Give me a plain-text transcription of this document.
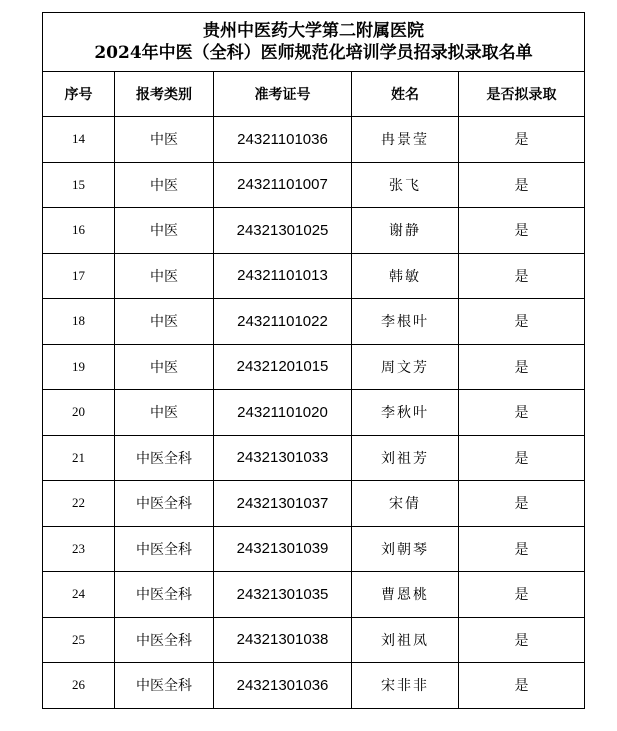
贵州中医药大学第二附属医院
2024年中医（全科）医师规范化培训学员招录拟录取名单				

序号	报考类别	准考证号	姓名	是否拟录取
14	中医	24321101036	冉景莹	是
15	中医	24321101007	张飞	是
16	中医	24321301025	谢静	是
17	中医	24321101013	韩敏	是
18	中医	24321101022	李根叶	是
19	中医	24321201015	周文芳	是
20	中医	24321101020	李秋叶	是
21	中医全科	24321301033	刘祖芳	是
22	中医全科	24321301037	宋倩	是
23	中医全科	24321301039	刘朝琴	是
24	中医全科	24321301035	曹恩桃	是
25	中医全科	24321301038	刘祖凤	是
26	中医全科	24321301036	宋非非	是
